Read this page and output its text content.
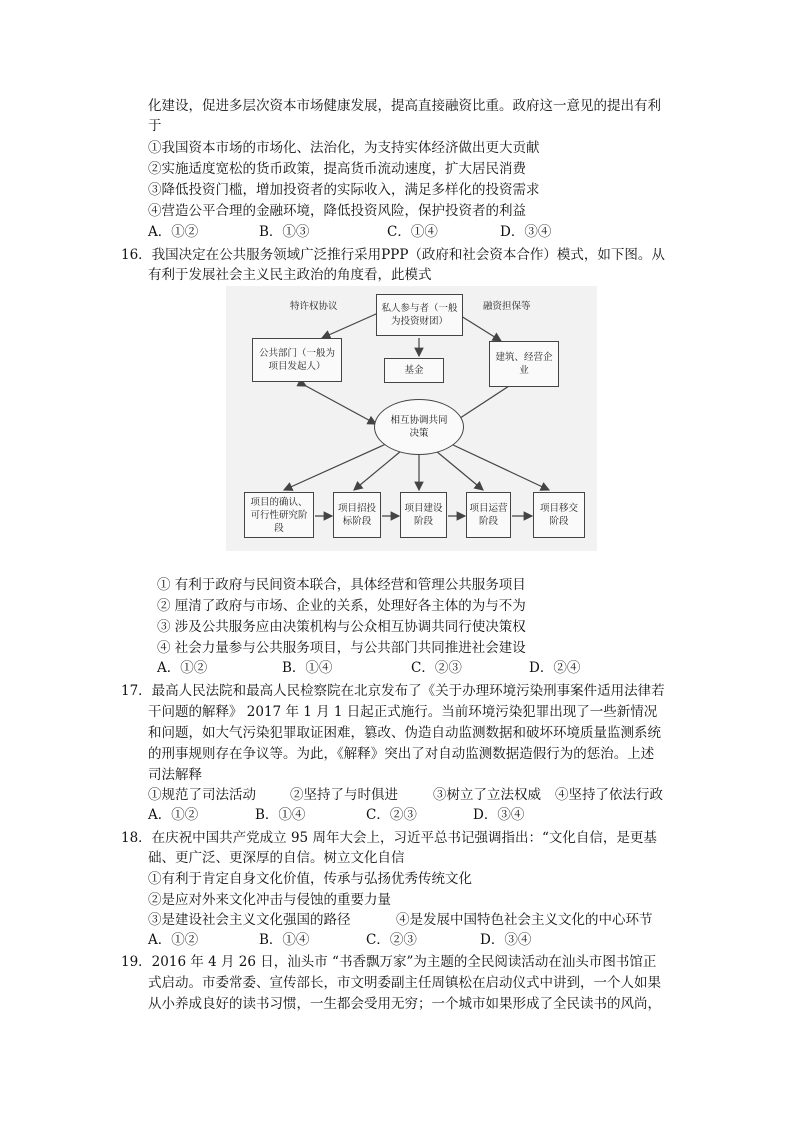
化建设，促进多层次资本市场健康发展，提高直接融资比重。政府这一意见的提出有利
于
①我国资本市场的市场化、法治化，为支持实体经济做出更大贡献
②实施适度宽松的货币政策，提高货币流动速度，扩大居民消费
③降低投资门槛，增加投资者的实际收入，满足多样化的投资需求
④营造公平合理的金融环境，降低投资风险，保护投资者的利益
A．①②	B．①③	C．①④	D．③④
16．我国决定在公共服务领域广泛推行采用PPP（政府和社会资本合作）模式，如下图。从
有利于发展社会主义民主政治的角度看，此模式
特许权协议	融资担保等
私人参与者（一般为投资财团）
公共部门（一般为项目发起人）
建筑、经营企业
基金
相互协调共同决策
项目的确认、可行性研究阶段
项目招投标阶段
项目建设阶段
项目运营阶段
项目移交阶段
① 有利于政府与民间资本联合，具体经营和管理公共服务项目
② 厘清了政府与市场、企业的关系，处理好各主体的为与不为
③ 涉及公共服务应由决策机构与公众相互协调共同行使决策权
④ 社会力量参与公共服务项目，与公共部门共同推进社会建设
A．①②	B．①④	C．②③	D．②④
17．最高人民法院和最高人民检察院在北京发布了《关于办理环境污染刑事案件适用法律若
干问题的解释》 2017 年 1 月 1 日起正式施行。当前环境污染犯罪出现了一些新情况
和问题，如大气污染犯罪取证困难，篡改、伪造自动监测数据和破坏环境质量监测系统
的刑事规则存在争议等。为此，《解释》突出了对自动监测数据造假行为的惩治。上述
司法解释
①规范了司法活动	②坚持了与时俱进	③树立了立法权威 ④坚持了依法行政
A．①②	B．①④	C．②③	D．③④
18．在庆祝中国共产党成立 95 周年大会上，习近平总书记强调指出：“文化自信，是更基
础、更广泛、更深厚的自信。树立文化自信
①有利于肯定自身文化价值，传承与弘扬优秀传统文化
②是应对外来文化冲击与侵蚀的重要力量
③是建设社会主义文化强国的路径	④是发展中国特色社会主义文化的中心环节
A．①②	B．①④	C．②③	D．③④
19．2016 年 4 月 26 日，汕头市 “书香飘万家”为主题的全民阅读活动在汕头市图书馆正
式启动。市委常委、宣传部长，市文明委副主任周镇松在启动仪式中讲到，一个人如果
从小养成良好的读书习惯，一生都会受用无穷；一个城市如果形成了全民读书的风尚，
